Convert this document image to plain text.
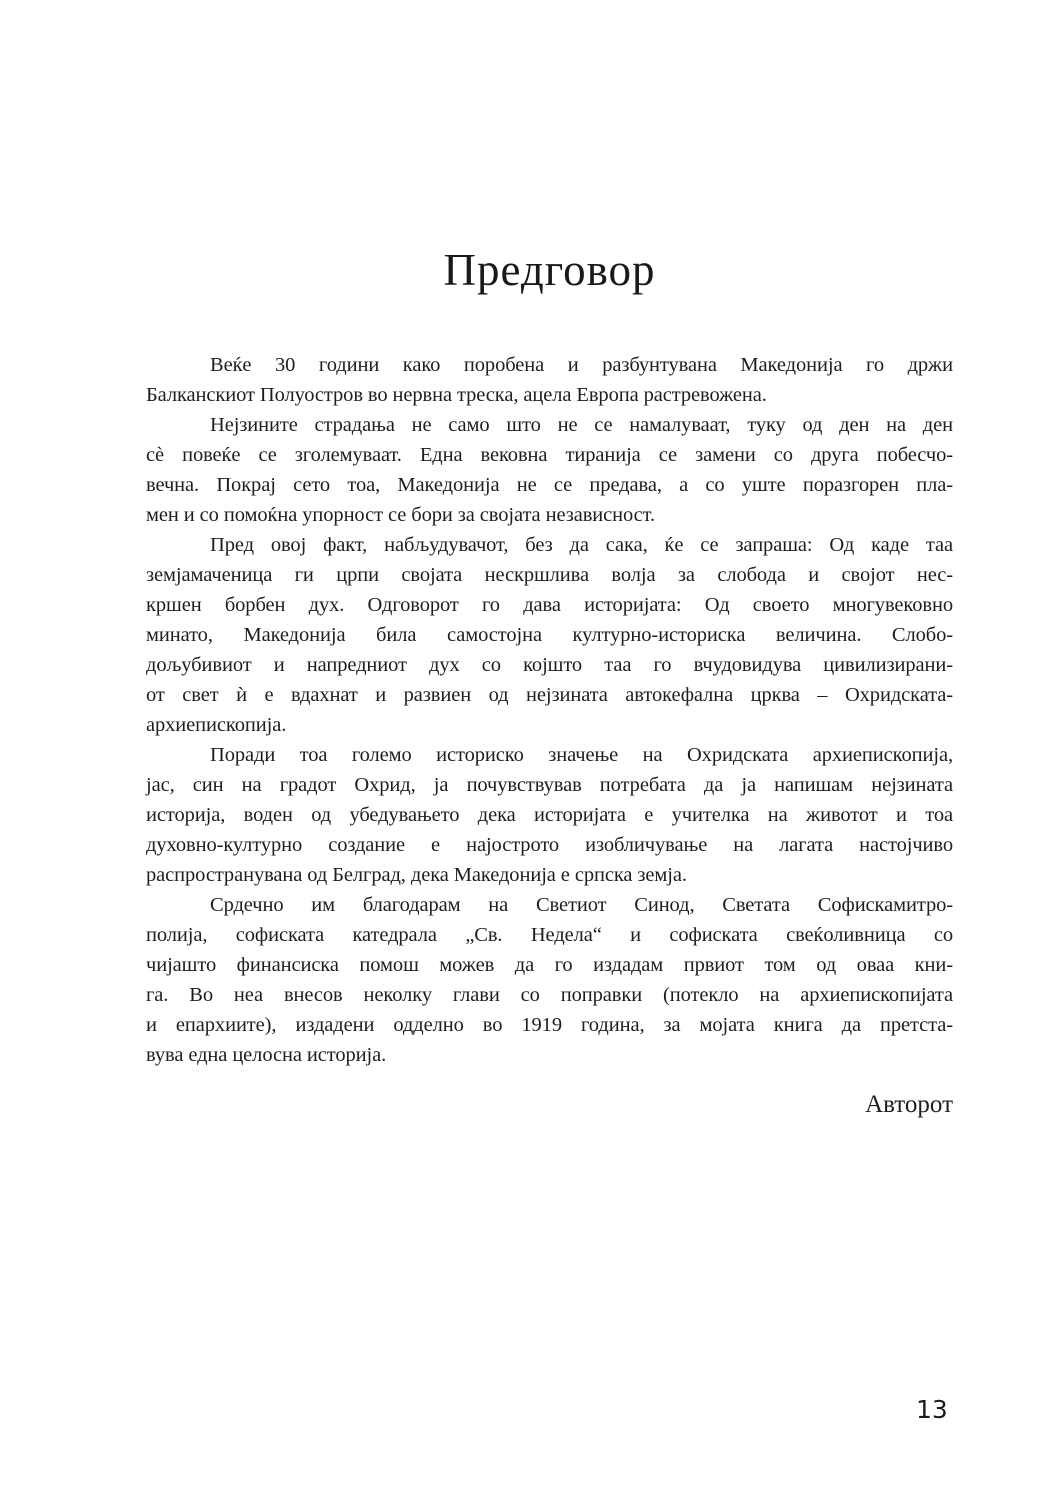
Предговор
Веќе 30 години како поробена и разбунтувана Македонија го држи
Балканскиот Полуостров во нервна треска, ацела Европа растревожена.
Нејзините страдања не само што не се намалуваат, туку од ден на ден
сè повеќе се зголемуваат. Една вековна тиранија се замени со друга побесчо-
вечна. Покрај сето тоа, Македонија не се предава, а со уште поразгорен пла-
мен и со помоќна упорност се бори за својата независност.
Пред овој факт, набљудувачот, без да сака, ќе се запраша: Од каде таа
земјамаченица ги црпи својата нескршлива волја за слобода и својот нес-
кршен борбен дух. Одговорот го дава историјата: Од своето многувековно
минато, Македонија била самостојна културно-историска величина. Слобо-
дољубивиот и напредниот дух со којшто таа го вчудовидува цивилизирани-
от свет ѝ е вдахнат и развиен од нејзината автокефална црква – Охридската-
архиепископија.
Поради тоа големо историско значење на Охридската архиепископија,
јас, син на градот Охрид, ја почувствував потребата да ја напишам нејзината
историја, воден од убедувањето дека историјата е учителка на животот и тоа
духовно-културно создание е најострото изобличување на лагата настојчиво
распространувана од Белград, дека Македонија е српска земја.
Срдечно им благодарам на Светиот Синод, Светата Софискамитро-
полија, софиската катедрала „Св. Недела“ и софиската свеќоливница со
чијашто финансиска помош можев да го издадам првиот том од оваа кни-
га. Во неа внесов неколку глави со поправки (потекло на архиепископијата
и епархиите), издадени одделно во 1919 година, за мојата книга да претста-
вува една целосна историја.
Авторот
13
